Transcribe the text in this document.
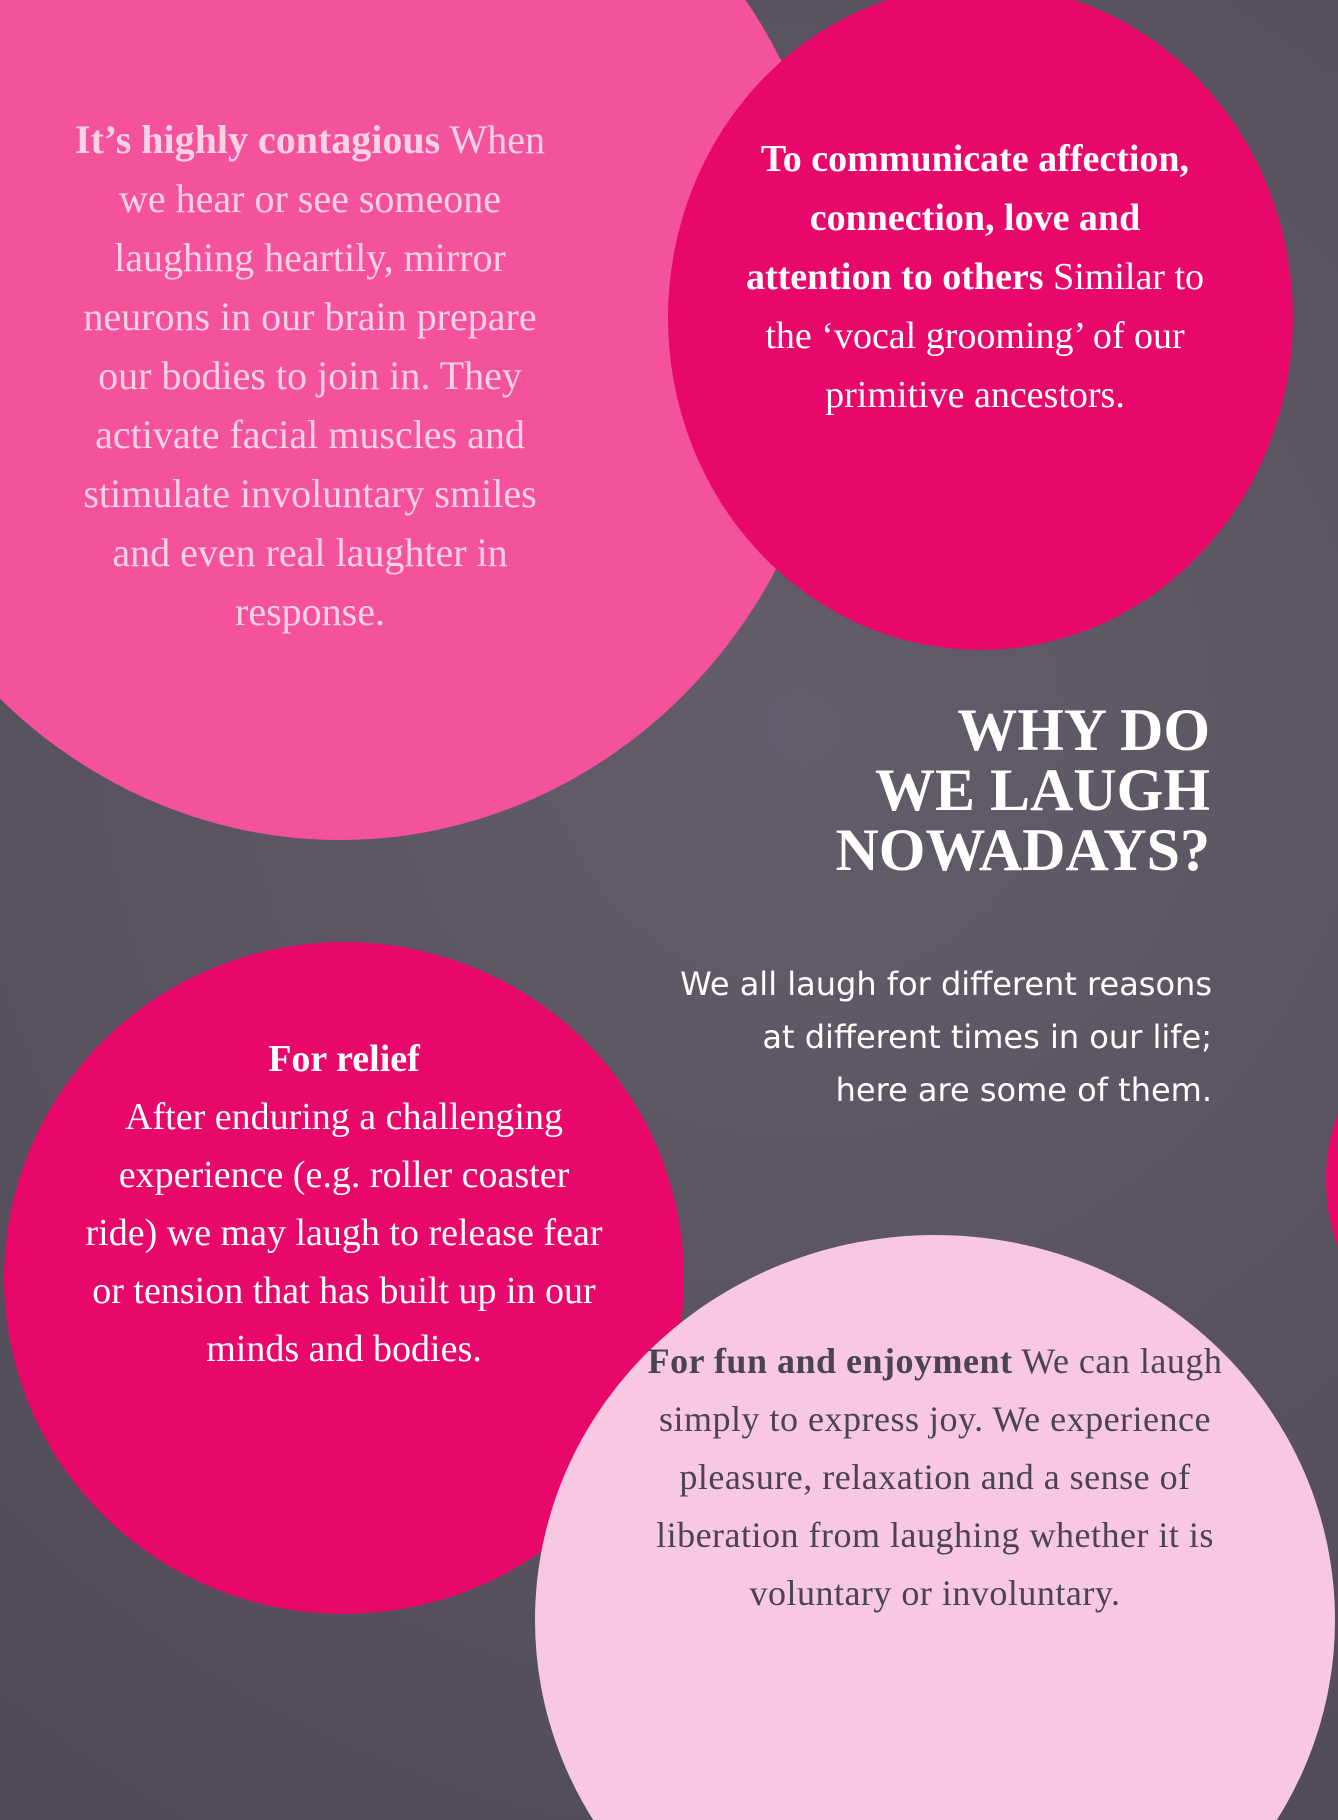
It’s highly contagious When we hear or see someone laughing heartily, mirror neurons in our brain prepare our bodies to join in. They activate facial muscles and stimulate involuntary smiles and even real laughter in response.
To communicate affection, connection, love and attention to others Similar to the ‘vocal grooming’ of our primitive ancestors.
WHY DO
WE LAUGH
NOWADAYS?
We all laugh for different reasons
at different times in our life;
here are some of them.
For relief
After enduring a challenging experience (e.g. roller coaster ride) we may laugh to release fear or tension that has built up in our minds and bodies.	For fun and enjoyment We can laugh simply to express joy. We experience pleasure, relaxation and a sense of liberation from laughing whether it is voluntary or involuntary.
